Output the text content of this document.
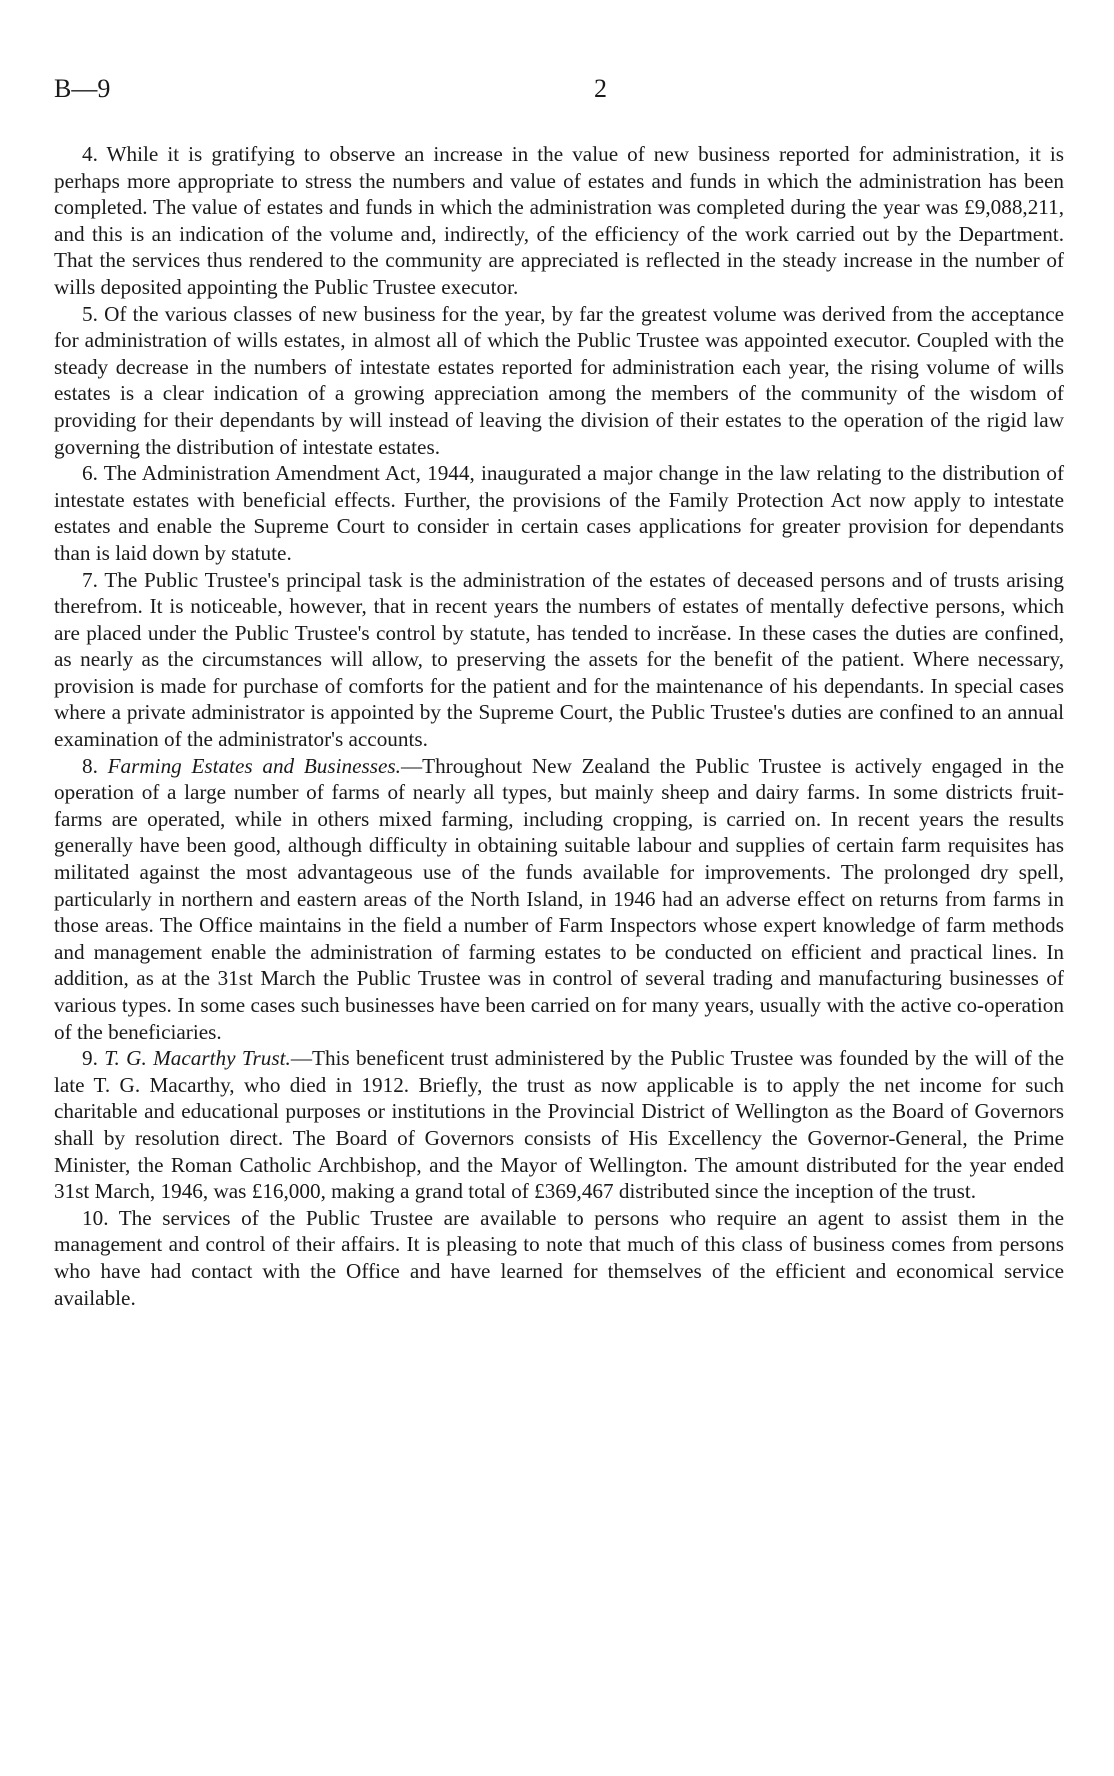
B—9	2

4. While it is gratifying to observe an increase in the value of new business reported for administration, it is perhaps more appropriate to stress the numbers and value of estates and funds in which the administration has been completed. The value of estates and funds in which the administration was completed during the year was £9,088,211, and this is an indication of the volume and, indirectly, of the efficiency of the work carried out by the Department. That the services thus rendered to the community are appreciated is reflected in the steady increase in the number of wills deposited appointing the Public Trustee executor.

5. Of the various classes of new business for the year, by far the greatest volume was derived from the acceptance for administration of wills estates, in almost all of which the Public Trustee was appointed executor. Coupled with the steady decrease in the numbers of intestate estates reported for administration each year, the rising volume of wills estates is a clear indication of a growing appreciation among the members of the community of the wisdom of providing for their dependants by will instead of leaving the division of their estates to the operation of the rigid law governing the distribution of intestate estates.

6. The Administration Amendment Act, 1944, inaugurated a major change in the law relating to the distribution of intestate estates with beneficial effects. Further, the provisions of the Family Protection Act now apply to intestate estates and enable the Supreme Court to consider in certain cases applications for greater provision for dependants than is laid down by statute.

7. The Public Trustee's principal task is the administration of the estates of deceased persons and of trusts arising therefrom. It is noticeable, however, that in recent years the numbers of estates of mentally defective persons, which are placed under the Public Trustee's control by statute, has tended to incrĕase. In these cases the duties are confined, as nearly as the circumstances will allow, to preserving the assets for the benefit of the patient. Where necessary, provision is made for purchase of comforts for the patient and for the maintenance of his dependants. In special cases where a private administrator is appointed by the Supreme Court, the Public Trustee's duties are confined to an annual examination of the administrator's accounts.

8. Farming Estates and Businesses.—Throughout New Zealand the Public Trustee is actively engaged in the operation of a large number of farms of nearly all types, but mainly sheep and dairy farms. In some districts fruit-farms are operated, while in others mixed farming, including cropping, is carried on. In recent years the results generally have been good, although difficulty in obtaining suitable labour and supplies of certain farm requisites has militated against the most advantageous use of the funds available for improvements. The prolonged dry spell, particularly in northern and eastern areas of the North Island, in 1946 had an adverse effect on returns from farms in those areas. The Office maintains in the field a number of Farm Inspectors whose expert knowledge of farm methods and management enable the administration of farming estates to be conducted on efficient and practical lines. In addition, as at the 31st March the Public Trustee was in control of several trading and manufacturing businesses of various types. In some cases such businesses have been carried on for many years, usually with the active co-operation of the beneficiaries.

9. T. G. Macarthy Trust.—This beneficent trust administered by the Public Trustee was founded by the will of the late T. G. Macarthy, who died in 1912. Briefly, the trust as now applicable is to apply the net income for such charitable and educational purposes or institutions in the Provincial District of Wellington as the Board of Governors shall by resolution direct. The Board of Governors consists of His Excellency the Governor-General, the Prime Minister, the Roman Catholic Archbishop, and the Mayor of Wellington. The amount distributed for the year ended 31st March, 1946, was £16,000, making a grand total of £369,467 distributed since the inception of the trust.

10. The services of the Public Trustee are available to persons who require an agent to assist them in the management and control of their affairs. It is pleasing to note that much of this class of business comes from persons who have had contact with the Office and have learned for themselves of the efficient and economical service available.
